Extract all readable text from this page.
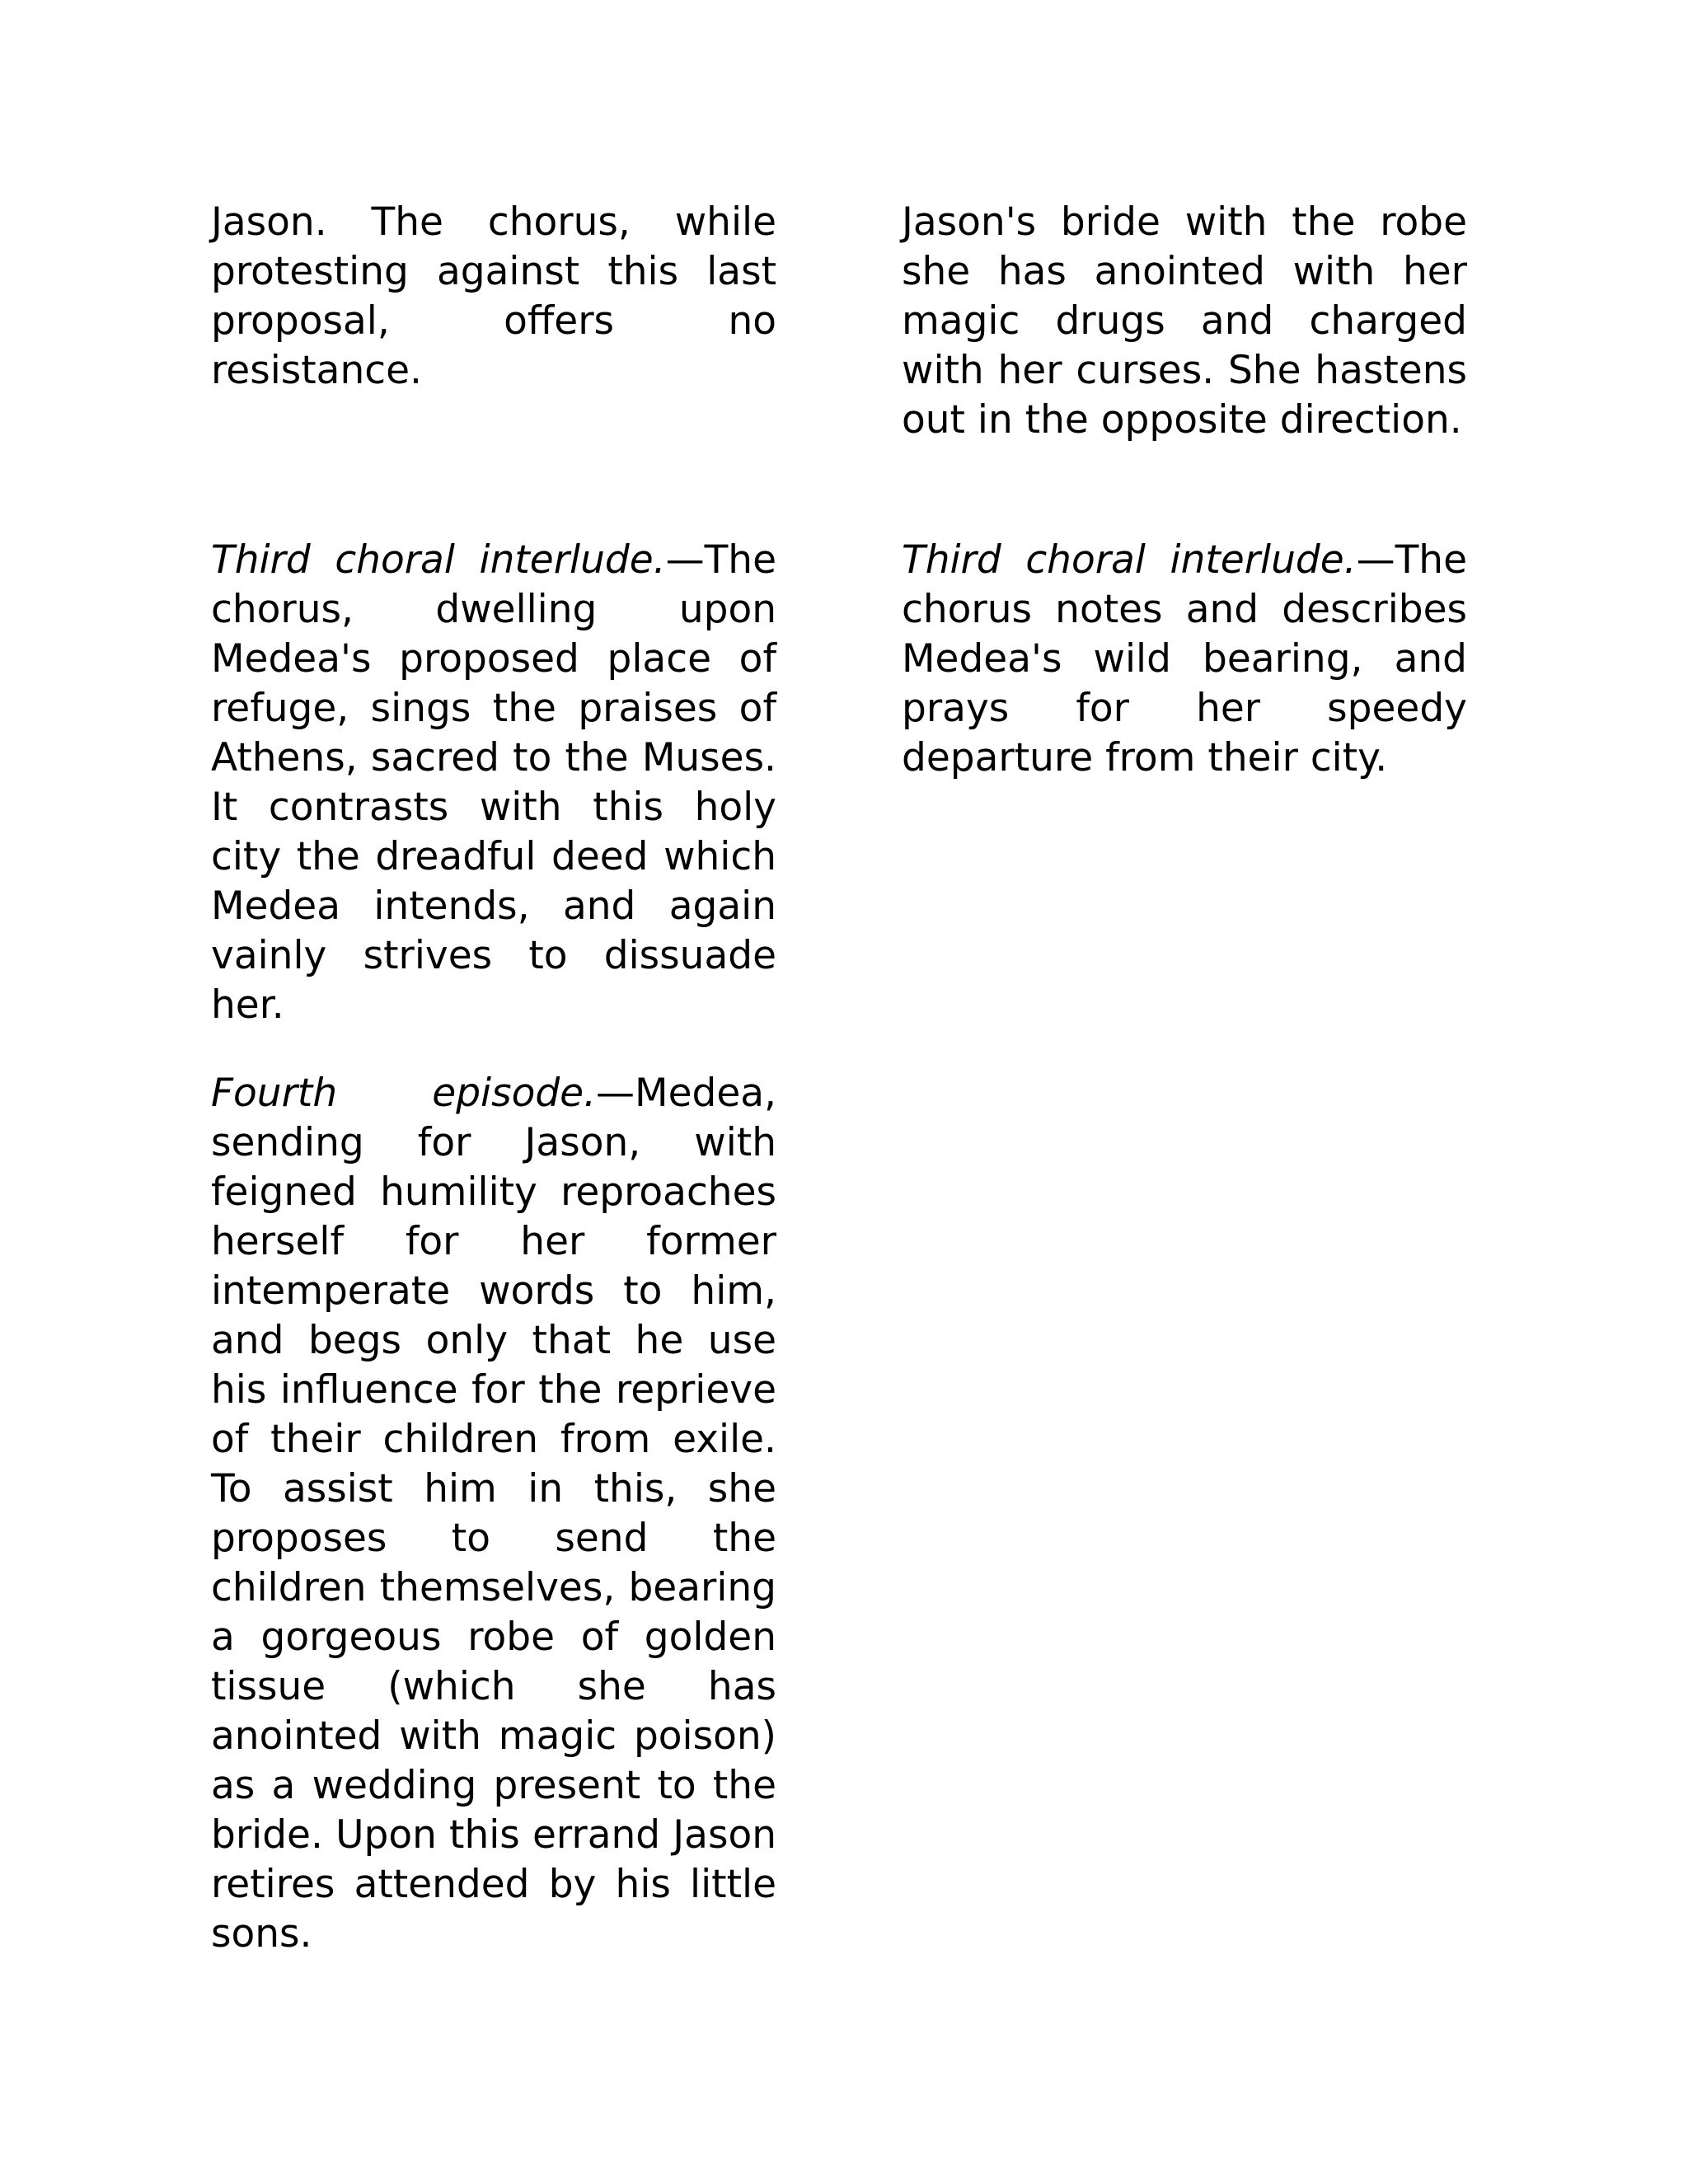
Jason. The chorus, while protesting against this last proposal, offers no resistance.

Third choral interlude.—The chorus, dwelling upon Medea's proposed place of refuge, sings the praises of Athens, sacred to the Muses. It contrasts with this holy city the dreadful deed which Medea intends, and again vainly strives to dissuade her.

Fourth episode.—Medea, sending for Jason, with feigned humility reproaches herself for her former intemperate words to him, and begs only that he use his influence for the reprieve of their children from exile. To assist him in this, she proposes to send the children themselves, bearing a gorgeous robe of golden tissue (which she has anointed with magic poison) as a wedding present to the bride. Upon this errand Jason retires attended by his little sons.

Jason's bride with the robe she has anointed with her magic drugs and charged with her curses. She hastens out in the opposite direction.

Third choral interlude.—The chorus notes and describes Medea's wild bearing, and prays for her speedy departure from their city.
